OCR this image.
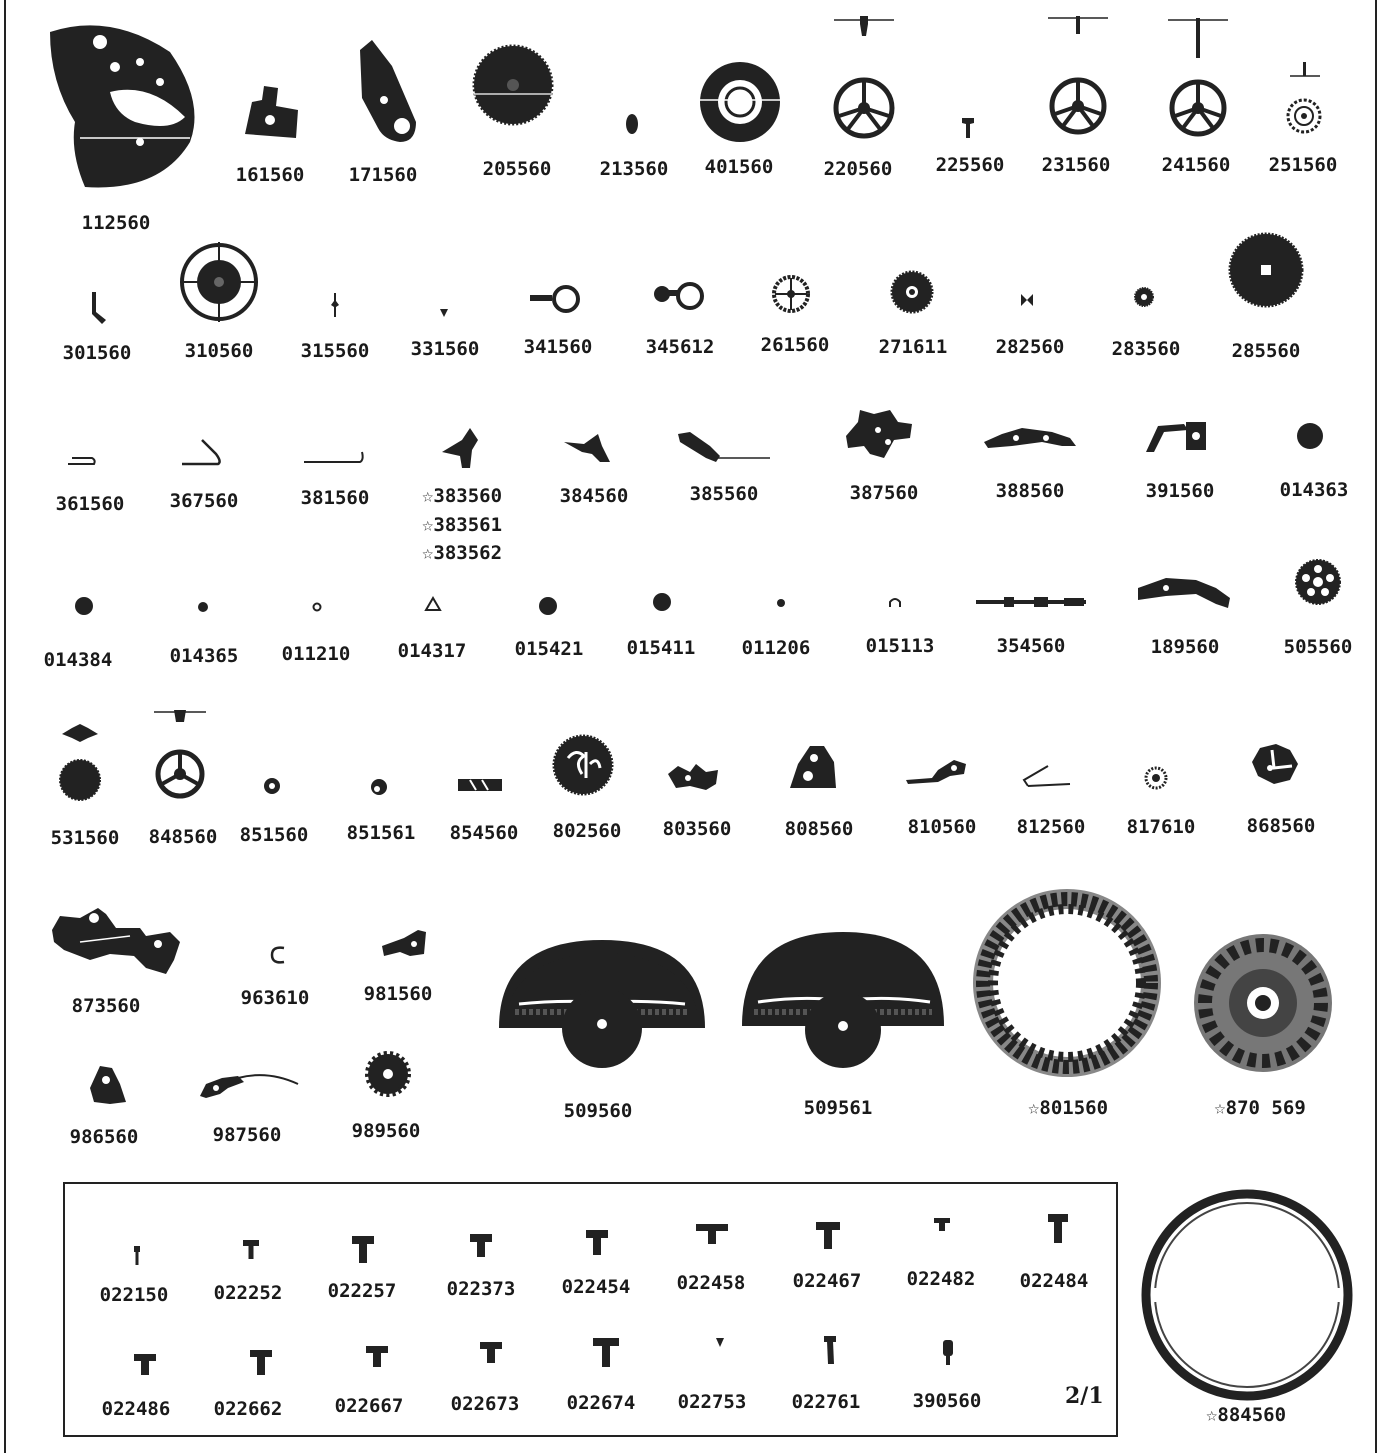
112560
161560 171560	205560	213560 401560	220560 225560 231560	241560 251560
301560	310560 315560 331560 341560	345612 261560	271611	282560 283560	285560
361560 367560	381560	☆383560
☆383561
☆383562
384560	385560	387560	388560	391560	014363
014384	014365 011210 014317	015421 015411 011206	015113	354560	189560	505560
531560 848560 851560 851561 854560 802560 803560	808560	810560 812560 817610	868560
873560	963610	981560
986560	987560	989560
509560	509561	☆801560	☆870 569
022150 022252 022257	022373 022454 022458 022467 022482 022484
022486 022662	022667 022673 022674 022753 022761	390560	2/1
☆884560
